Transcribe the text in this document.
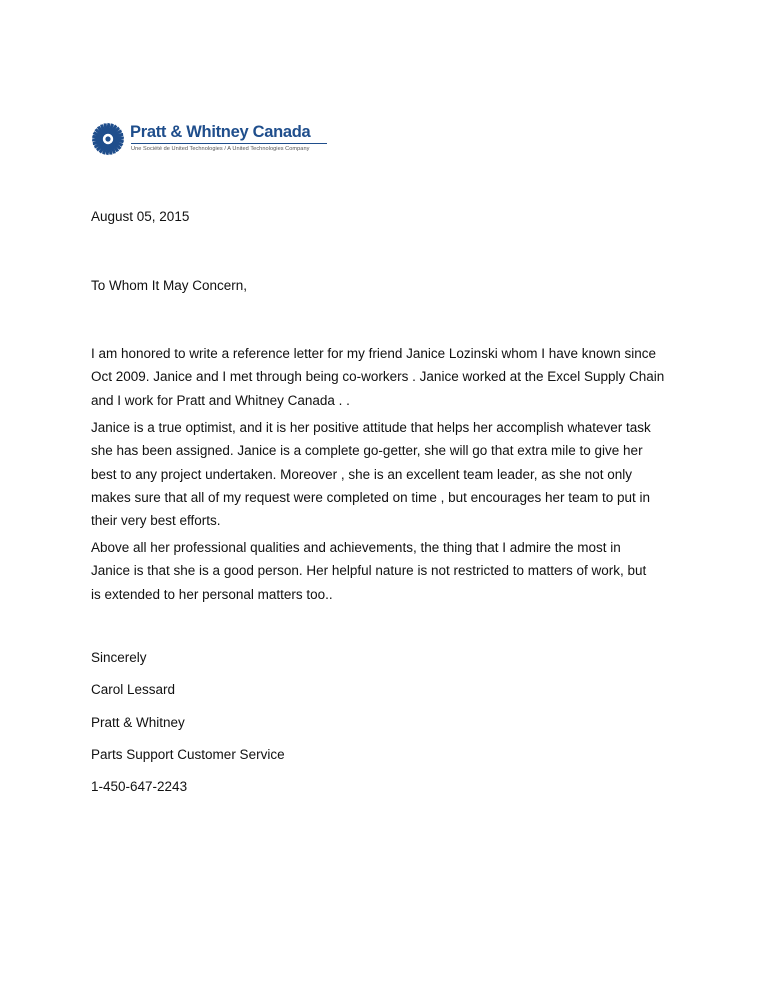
Pratt & Whitney Canada
Une Société de United Technologies / A United Technologies Company
August 05, 2015
To Whom It May Concern,
I am honored to write a reference letter for my friend Janice Lozinski whom I have known since
Oct 2009. Janice and I met through being co-workers . Janice worked at the Excel Supply Chain
and I work for Pratt and Whitney Canada . .
Janice is a true optimist, and it is her positive attitude that helps her accomplish whatever task
she has been assigned. Janice is a complete go-getter, she will go that extra mile to give her
best to any project undertaken. Moreover , she is an excellent team leader, as she not only
makes sure that all of my request were completed on time , but encourages her team to put in
their very best efforts.
Above all her professional qualities and achievements, the thing that I admire the most in
Janice is that she is a good person. Her helpful nature is not restricted to matters of work, but
is extended to her personal matters too..
Sincerely
Carol Lessard
Pratt & Whitney
Parts Support Customer Service
1-450-647-2243
